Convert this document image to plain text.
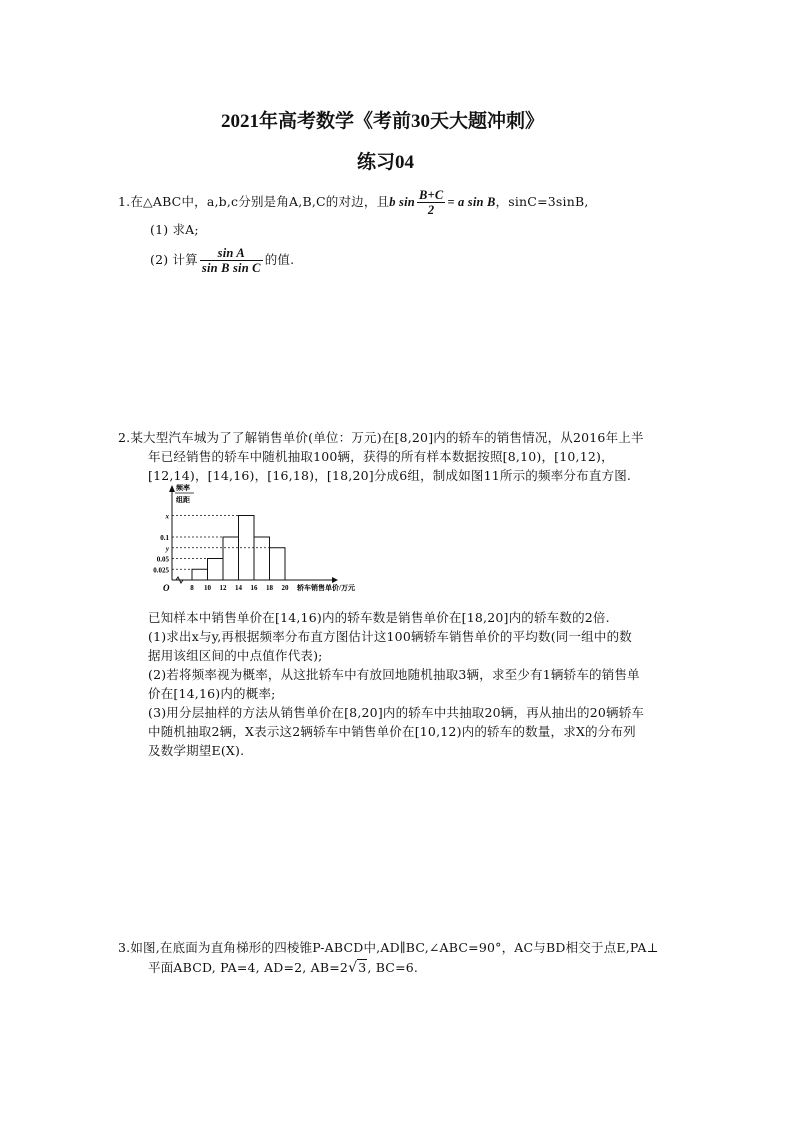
2021年高考数学《考前30天大题冲刺》
练习04
1.在△ABC中，a,b,c分别是角A,B,C的对边，且b $\sin \frac{B+C}{2} = a$ sin B，sinC=3sinB,
(1) 求A;
(2) 计算 $\frac{\text{sin A}}{\text{sin B sin C}}$ 的值.
2.某大型汽车城为了了解销售单价(单位：万元)在[8,20]内的轿车的销售情况，从2016年上半
年已经销售的轿车中随机抽取100辆，获得的所有样本数据按照[8,10)，[10,12)，
[12,14)，[14,16)，[16,18)，[18,20]分成6组，制成如图11所示的频率分布直方图.
O
频率
组距
0.025
0.05
y
0.1
x
8 10 12 14 16 18 20 轿车销售单价/万元
已知样本中销售单价在[14,16)内的轿车数是销售单价在[18,20]内的轿车数的2倍.
(1)求出x与y,再根据频率分布直方图估计这100辆轿车销售单价的平均数(同一组中的数
据用该组区间的中点值作代表);
(2)若将频率视为概率，从这批轿车中有放回地随机抽取3辆，求至少有1辆轿车的销售单
价在[14,16)内的概率;
(3)用分层抽样的方法从销售单价在[8,20]内的轿车中共抽取20辆，再从抽出的20辆轿车
中随机抽取2辆，X表示这2辆轿车中销售单价在[10,12)内的轿车的数量，求X的分布列
及数学期望E(X).
3.如图,在底面为直角梯形的四棱锥P-ABCD中,AD∥BC,∠ABC=90°，AC与BD相交于点E,PA⊥
平面ABCD, PA=4, AD=2, AB=2√3, BC=6.
